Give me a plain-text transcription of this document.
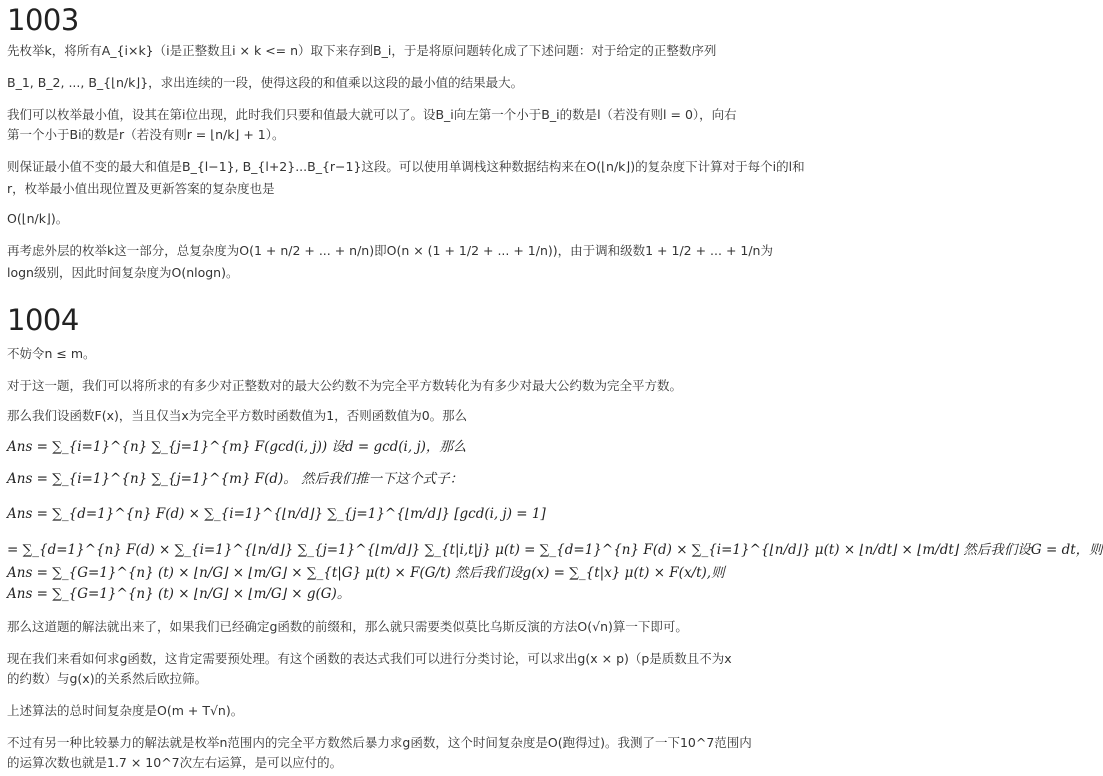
1003
先枚举k，将所有A_{i×k}（i是正整数且i × k <= n）取下来存到B_i，于是将原问题转化成了下述问题：对于给定的正整数序列
B_1, B_2, ..., B_{⌊n/k⌋}，求出连续的一段，使得这段的和值乘以这段的最小值的结果最大。
我们可以枚举最小值，设其在第i位出现，此时我们只要和值最大就可以了。设B_i向左第一个小于B_i的数是l（若没有则l = 0），向右
第一个小于Bi的数是r（若没有则r = ⌊n/k⌋ + 1）。
则保证最小值不变的最大和值是B_{l−1}, B_{l+2}...B_{r−1}这段。可以使用单调栈这种数据结构来在O(⌊n/k⌋)的复杂度下计算对于每个i的l和
r，枚举最小值出现位置及更新答案的复杂度也是
O(⌊n/k⌋)。
再考虑外层的枚举k这一部分，总复杂度为O(1 + n/2 + ... + n/n)即O(n × (1 + 1/2 + ... + 1/n))，由于调和级数1 + 1/2 + ... + 1/n为
logn级别，因此时间复杂度为O(nlogn)。
1004
不妨令n ≤ m。
对于这一题，我们可以将所求的有多少对正整数对的最大公约数不为完全平方数转化为有多少对最大公约数为完全平方数。
那么我们设函数F(x)，当且仅当x为完全平方数时函数值为1，否则函数值为0。那么
Ans = ∑_{i=1}^{n} ∑_{j=1}^{m} F(gcd(i, j)) 设d = gcd(i, j)，那么
Ans = ∑_{i=1}^{n} ∑_{j=1}^{m} F(d)。 然后我们推一下这个式子：
Ans = ∑_{d=1}^{n} F(d) × ∑_{i=1}^{⌊n/d⌋} ∑_{j=1}^{⌊m/d⌋} [gcd(i, j) = 1]
= ∑_{d=1}^{n} F(d) × ∑_{i=1}^{⌊n/d⌋} ∑_{j=1}^{⌊m/d⌋} ∑_{t|i,t|j} μ(t) = ∑_{d=1}^{n} F(d) × ∑_{i=1}^{⌊n/d⌋} μ(t) × ⌊n/dt⌋ × ⌊m/dt⌋ 然后我们设G = dt，则
Ans = ∑_{G=1}^{n} (t) × ⌊n/G⌋ × ⌊m/G⌋ × ∑_{t|G} μ(t) × F(G/t) 然后我们设g(x) = ∑_{t|x} μ(t) × F(x/t),则
Ans = ∑_{G=1}^{n} (t) × ⌊n/G⌋ × ⌊m/G⌋ × g(G)。
那么这道题的解法就出来了，如果我们已经确定g函数的前缀和，那么就只需要类似莫比乌斯反演的方法O(√n)算一下即可。
现在我们来看如何求g函数，这肯定需要预处理。有这个函数的表达式我们可以进行分类讨论，可以求出g(x × p)（p是质数且不为x
的约数）与g(x)的关系然后欧拉筛。
上述算法的总时间复杂度是O(m + T√n)。
不过有另一种比较暴力的解法就是枚举n范围内的完全平方数然后暴力求g函数，这个时间复杂度是O(跑得过)。我测了一下10^7范围内
的运算次数也就是1.7 × 10^7次左右运算，是可以应付的。
